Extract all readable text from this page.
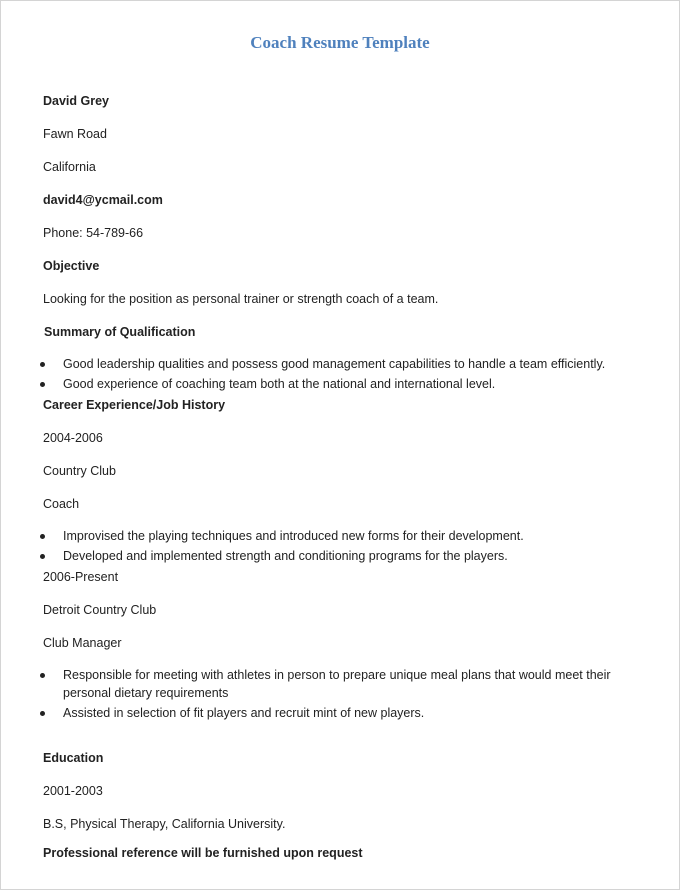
Coach Resume Template
David Grey
Fawn Road
California
david4@ycmail.com
Phone: 54-789-66
Objective
Looking for the position as personal trainer or strength coach of a team.
Summary of Qualification
Good leadership qualities and possess good management capabilities to handle a team efficiently.
Good experience of coaching team both at the national and international level.
Career Experience/Job History
2004-2006
Country Club
Coach
Improvised the playing techniques and introduced new forms for their development.
Developed and implemented strength and conditioning programs for the players.
2006-Present
Detroit Country Club
Club Manager
Responsible for meeting with athletes in person to prepare unique meal plans that would meet their personal dietary requirements
Assisted in selection of fit players and recruit mint of new players.
Education
2001-2003
B.S, Physical Therapy, California University.
Professional reference will be furnished upon request
